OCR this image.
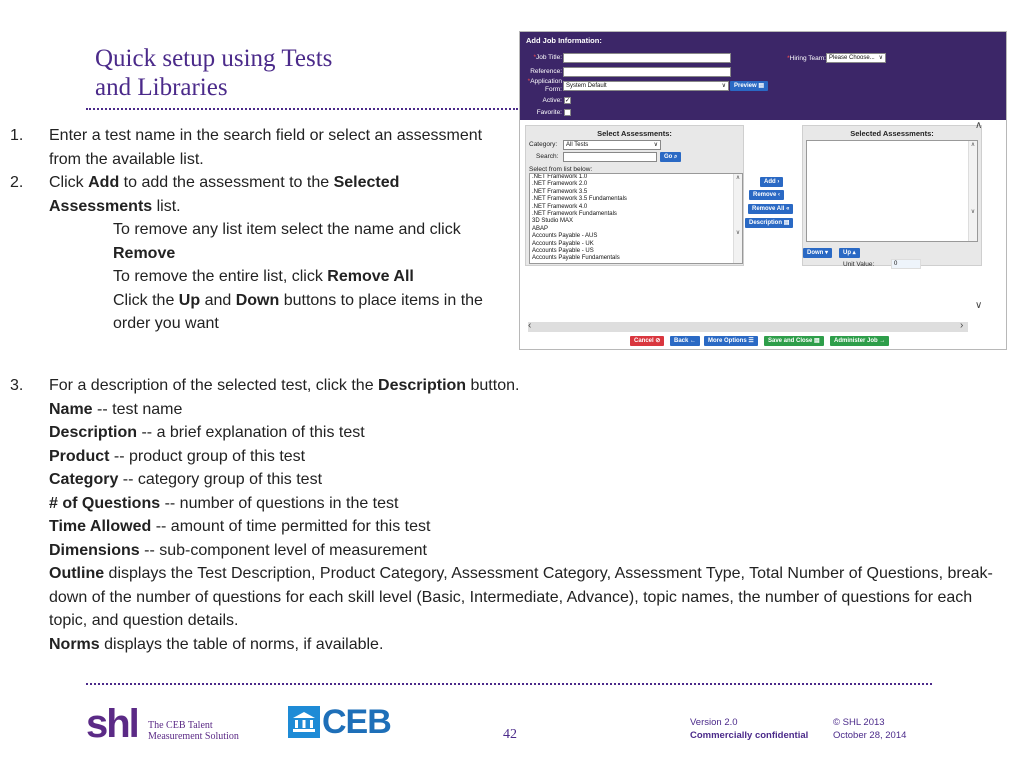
Quick setup using Tests
and Libraries
1.	Enter a test name in the search field or select an assessment from the available list.
2.	Click Add to add the assessment to the Selected Assessments list.
To remove any list item select the name and click Remove
To remove the entire list, click Remove All
Click the Up and Down buttons to place items in the order you want
3.	For a description of the selected test, click the Description button.
Name -- test name
Description -- a brief explanation of this test
Product -- product group of this test
Category -- category group of this test
# of Questions -- number of questions in the test
Time Allowed -- amount of time permitted for this test
Dimensions -- sub-component level of measurement
Outline displays the Test Description, Product Category, Assessment Category, Assessment Type, Total Number of Questions, break-down of the number of questions for each skill level (Basic, Intermediate, Advance), topic names, the number of questions for each topic, and question details.
Norms displays the table of norms, if available.
Add Job Information:
*Job Title:
Reference:
*Application Form: System Default	∨	Preview ▤
Active: ✓
Favorite:
*Hiring Team: Please Choose... ∨
Select Assessments:
Category:	All Tests	∨
Search:	Go ⌕
Select from list below:
.NET Framework 1.0
.NET Framework 2.0
.NET Framework 3.5
.NET Framework 3.5 Fundamentals
.NET Framework 4.0
.NET Framework Fundamentals
3D Studio MAX
ABAP
Accounts Payable - AUS
Accounts Payable - UK
Accounts Payable - US
Accounts Payable Fundamentals
∧

∨
Add ›
Remove ‹
Remove All «
Description ▤
Selected Assessments:
∧

∨
Down ▾	Up ▴
Unit Value:	0
∧
∨
‹	›
Cancel ⊘	Back ←	More Options ☰	Save and Close ▤	Administer Job →
shl The CEB Talent
Measurement Solution CEB	42
Version 2.0
Commercially confidential
© SHL 2013
October 28, 2014
